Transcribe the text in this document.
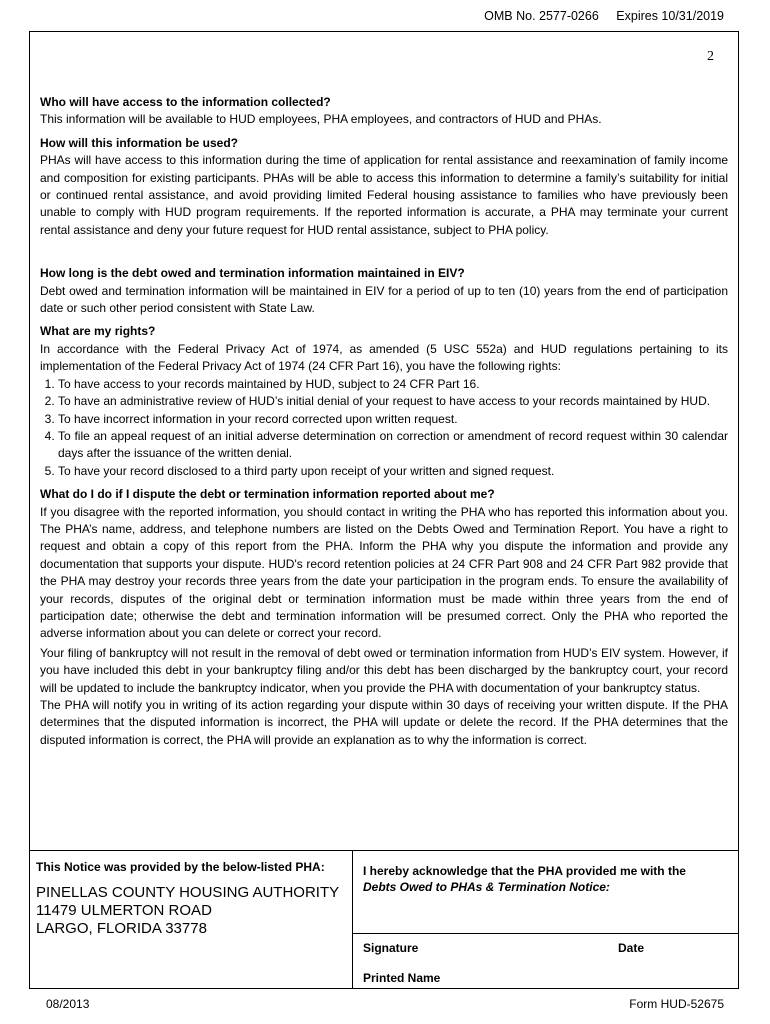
OMB No. 2577-0266 Expires 10/31/2019
2
Who will have access to the information collected?

This information will be available to HUD employees, PHA employees, and contractors of HUD and PHAs.

How will this information be used?

PHAs will have access to this information during the time of application for rental assistance and reexamination of family income and composition for existing participants. PHAs will be able to access this information to determine a family’s suitability for initial or continued rental assistance, and avoid providing limited Federal housing assistance to families who have previously been unable to comply with HUD program requirements. If the reported information is accurate, a PHA may terminate your current rental assistance and deny your future request for HUD rental assistance, subject to PHA policy.

How long is the debt owed and termination information maintained in EIV?

Debt owed and termination information will be maintained in EIV for a period of up to ten (10) years from the end of participation date or such other period consistent with State Law.

What are my rights?
In accordance with the Federal Privacy Act of 1974, as amended (5 USC 552a) and HUD regulations pertaining to its implementation of the Federal Privacy Act of 1974 (24 CFR Part 16), you have the following rights:
1. To have access to your records maintained by HUD, subject to 24 CFR Part 16.
2. To have an administrative review of HUD’s initial denial of your request to have access to your records maintained by HUD.
3. To have incorrect information in your record corrected upon written request.
4. To file an appeal request of an initial adverse determination on correction or amendment of record request within 30 calendar days after the issuance of the written denial.
5. To have your record disclosed to a third party upon receipt of your written and signed request.
What do I do if I dispute the debt or termination information reported about me?

If you disagree with the reported information, you should contact in writing the PHA who has reported this information about you. The PHA’s name, address, and telephone numbers are listed on the Debts Owed and Termination Report. You have a right to request and obtain a copy of this report from the PHA. Inform the PHA why you dispute the information and provide any documentation that supports your dispute. HUD's record retention policies at 24 CFR Part 908 and 24 CFR Part 982 provide that the PHA may destroy your records three years from the date your participation in the program ends. To ensure the availability of your records, disputes of the original debt or termination information must be made within three years from the end of participation date; otherwise the debt and termination information will be presumed correct. Only the PHA who reported the adverse information about you can delete or correct your record.

Your filing of bankruptcy will not result in the removal of debt owed or termination information from HUD’s EIV system. However, if you have included this debt in your bankruptcy filing and/or this debt has been discharged by the bankruptcy court, your record will be updated to include the bankruptcy indicator, when you provide the PHA with documentation of your bankruptcy status.
The PHA will notify you in writing of its action regarding your dispute within 30 days of receiving your written dispute. If the PHA determines that the disputed information is incorrect, the PHA will update or delete the record. If the PHA determines that the disputed information is correct, the PHA will provide an explanation as to why the information is correct.
This Notice was provided by the below-listed PHA:
PINELLAS COUNTY HOUSING AUTHORITY
11479 ULMERTON ROAD
LARGO, FLORIDA 33778
I hereby acknowledge that the PHA provided me with the
Debts Owed to PHAs & Termination Notice:
Signature	Date
Printed Name
08/2013	Form HUD-52675
